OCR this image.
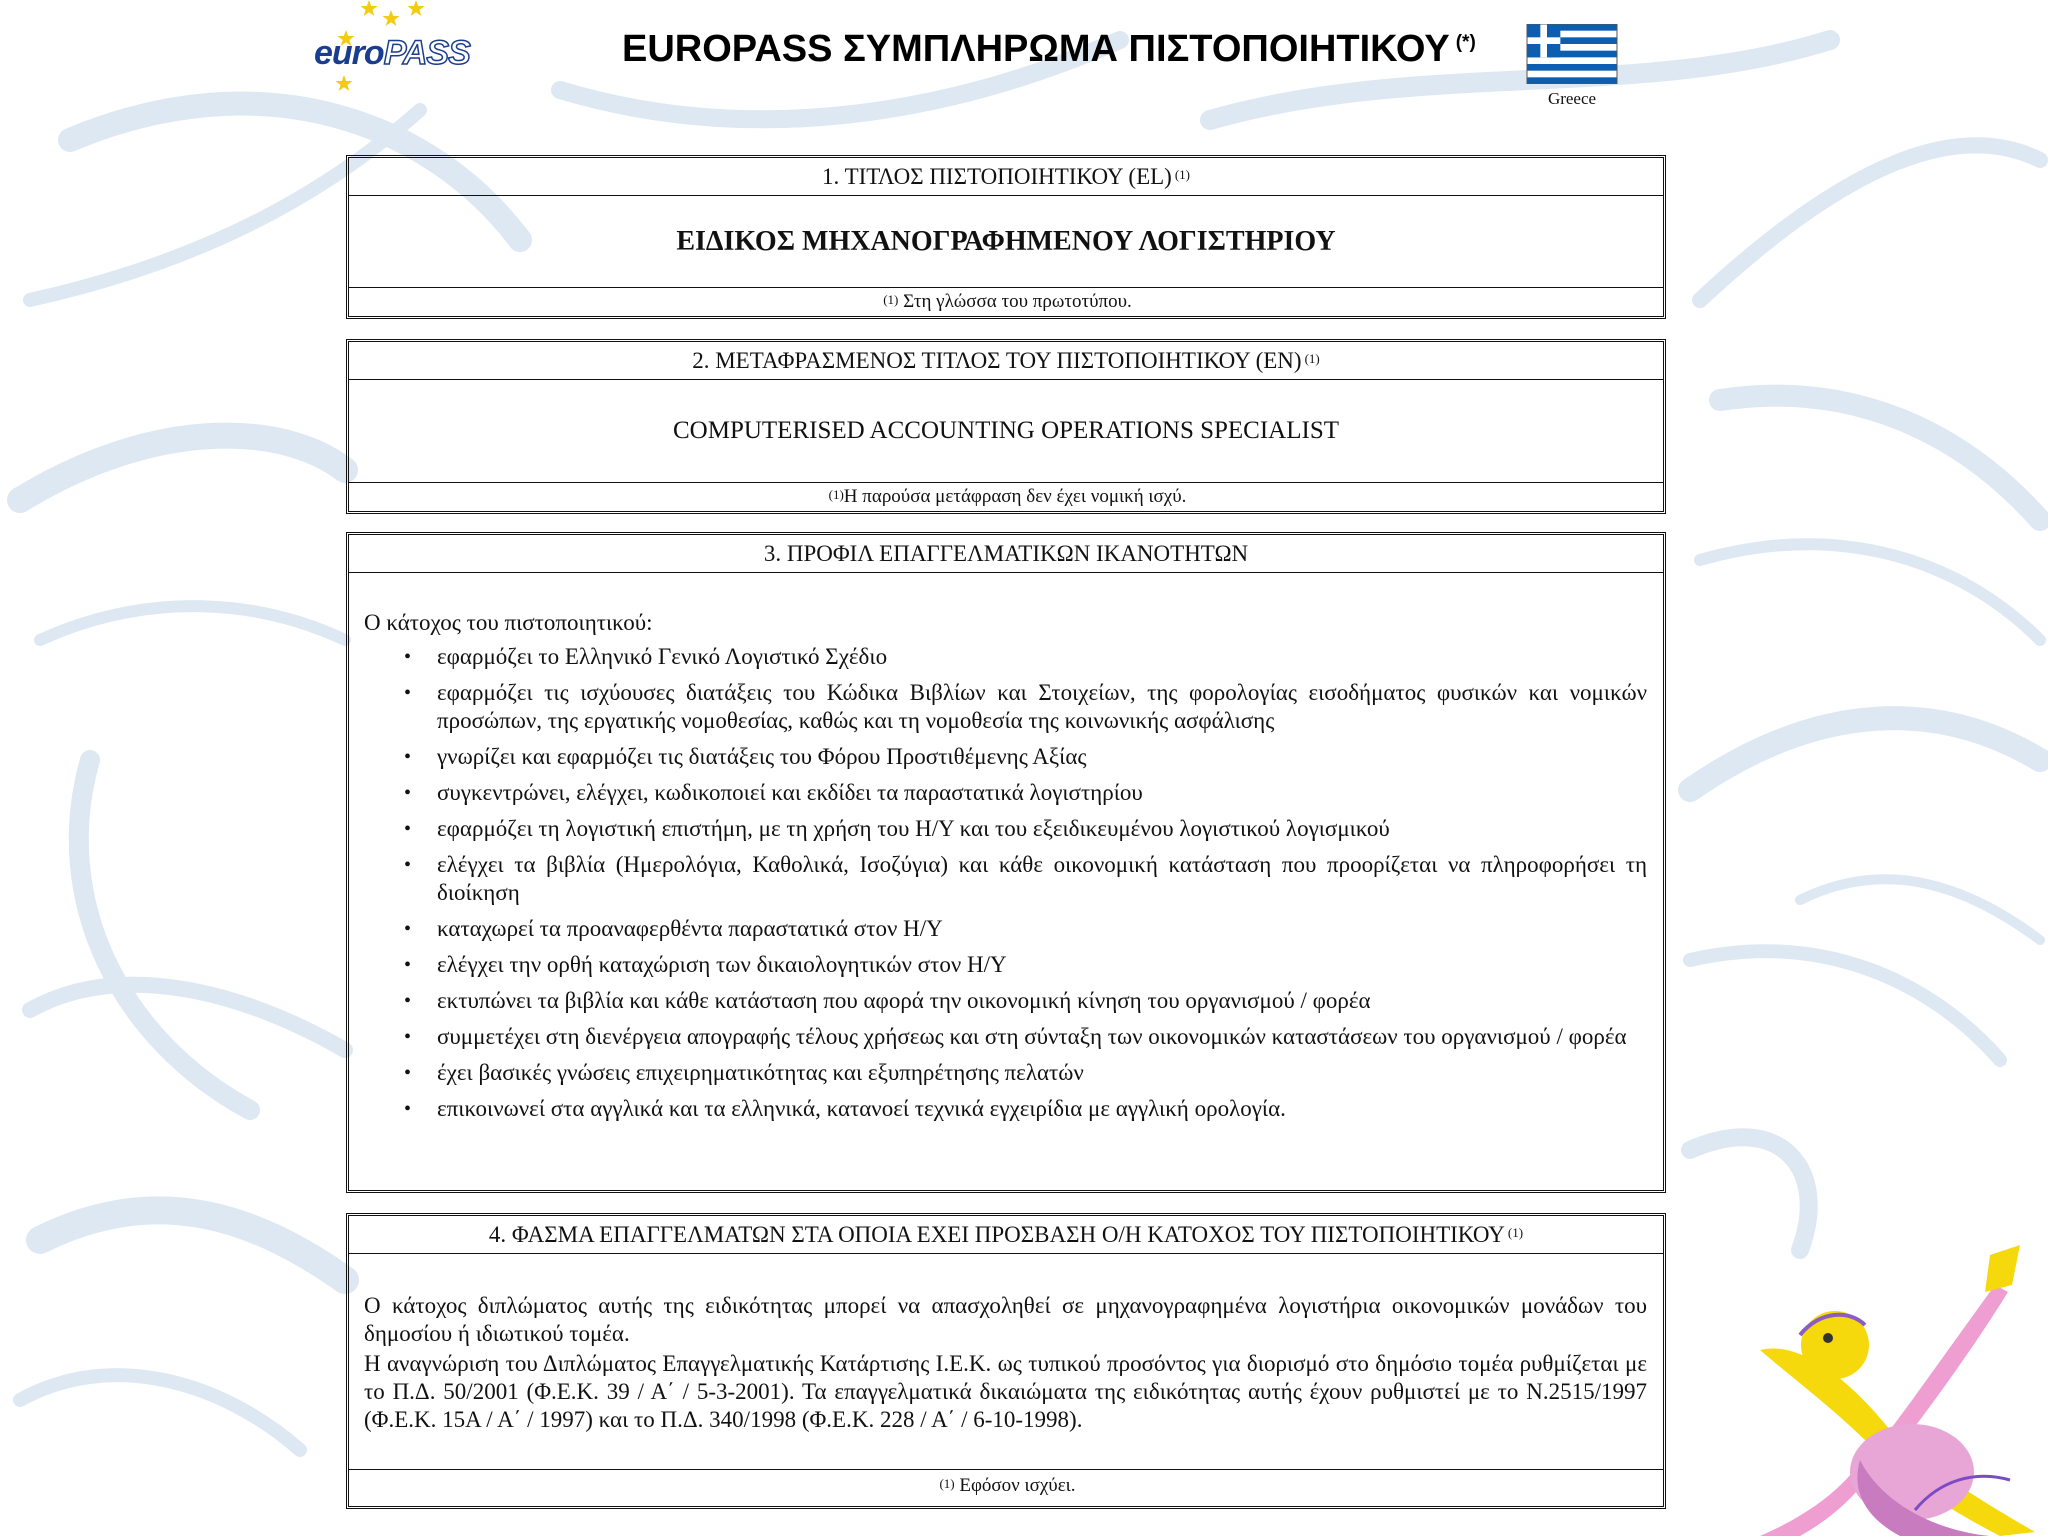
euroPASS	EUROPASS ΣΥΜΠΛΗΡΩΜΑ ΠΙΣΤΟΠΟΙΗΤΙΚΟΥ (*)
Greece
1. ΤΙΤΛΟΣ ΠΙΣΤΟΠΟΙΗΤΙΚΟΥ (EL) (1)
ΕΙΔΙΚΟΣ ΜΗΧΑΝΟΓΡΑΦΗΜΕΝΟΥ ΛΟΓΙΣΤΗΡΙΟΥ
(1)
Στη γλώσσα του πρωτοτύπου.
2. ΜΕΤΑΦΡΑΣΜΕΝΟΣ ΤΙΤΛΟΣ ΤΟΥ ΠΙΣΤΟΠΟΙΗΤΙΚΟΥ (EN) (1)
COMPUTERISED ACCOUNTING OPERATIONS SPECIALIST
(1) Η παρούσα μετάφραση δεν έχει νομική ισχύ.
3. ΠΡΟΦΙΛ ΕΠΑΓΓΕΛΜΑΤΙΚΩΝ ΙΚΑΝΟΤΗΤΩΝ
Ο κάτοχος του πιστοποιητικού:
• εφαρμόζει το Ελληνικό Γενικό Λογιστικό Σχέδιο
• εφαρμόζει τις ισχύουσες διατάξεις του Κώδικα Βιβλίων και Στοιχείων, της φορολογίας εισοδήματος φυσικών και νομικών προσώπων, της εργατικής νομοθεσίας, καθώς και τη νομοθεσία της κοινωνικής ασφάλισης
• γνωρίζει και εφαρμόζει τις διατάξεις του Φόρου Προστιθέμενης Αξίας
• συγκεντρώνει, ελέγχει, κωδικοποιεί και εκδίδει τα παραστατικά λογιστηρίου
• εφαρμόζει τη λογιστική επιστήμη, με τη χρήση του Η/Υ και του εξειδικευμένου λογιστικού λογισμικού
• ελέγχει τα βιβλία (Ημερολόγια, Καθολικά, Ισοζύγια) και κάθε οικονομική κατάσταση που προορίζεται να πληροφορήσει τη διοίκηση
• καταχωρεί τα προαναφερθέντα παραστατικά στον Η/Υ
• ελέγχει την ορθή καταχώριση των δικαιολογητικών στον Η/Υ
• εκτυπώνει τα βιβλία και κάθε κατάσταση που αφορά την οικονομική κίνηση του οργανισμού / φορέα
• συμμετέχει στη διενέργεια απογραφής τέλους χρήσεως και στη σύνταξη των οικονομικών καταστάσεων του οργανισμού / φορέα
• έχει βασικές γνώσεις επιχειρηματικότητας και εξυπηρέτησης πελατών
• επικοινωνεί στα αγγλικά και τα ελληνικά, κατανοεί τεχνικά εγχειρίδια με αγγλική ορολογία.
4. ΦΑΣΜΑ ΕΠΑΓΓΕΛΜΑΤΩΝ ΣΤΑ ΟΠΟΙΑ ΕΧΕΙ ΠΡΟΣΒΑΣΗ Ο/Η ΚΑΤΟΧΟΣ ΤΟΥ ΠΙΣΤΟΠΟΙΗΤΙΚΟΥ (1)
Ο κάτοχος διπλώματος αυτής της ειδικότητας μπορεί να απασχοληθεί σε μηχανογραφημένα λογιστήρια οικονομικών μονάδων του δημοσίου ή ιδιωτικού τομέα.
Η αναγνώριση του Διπλώματος Επαγγελματικής Κατάρτισης Ι.Ε.Κ. ως τυπικού προσόντος για διορισμό στο δημόσιο τομέα ρυθμίζεται με το Π.Δ. 50/2001 (Φ.Ε.Κ. 39 / Α΄ / 5-3-2001). Τα επαγγελματικά δικαιώματα της ειδικότητας αυτής έχουν ρυθμιστεί με το Ν.2515/1997 (Φ.Ε.Κ. 15Α / Α΄ / 1997) και το Π.Δ. 340/1998 (Φ.Ε.Κ. 228 / Α΄ / 6-10-1998).
(1)
Εφόσον ισχύει.
